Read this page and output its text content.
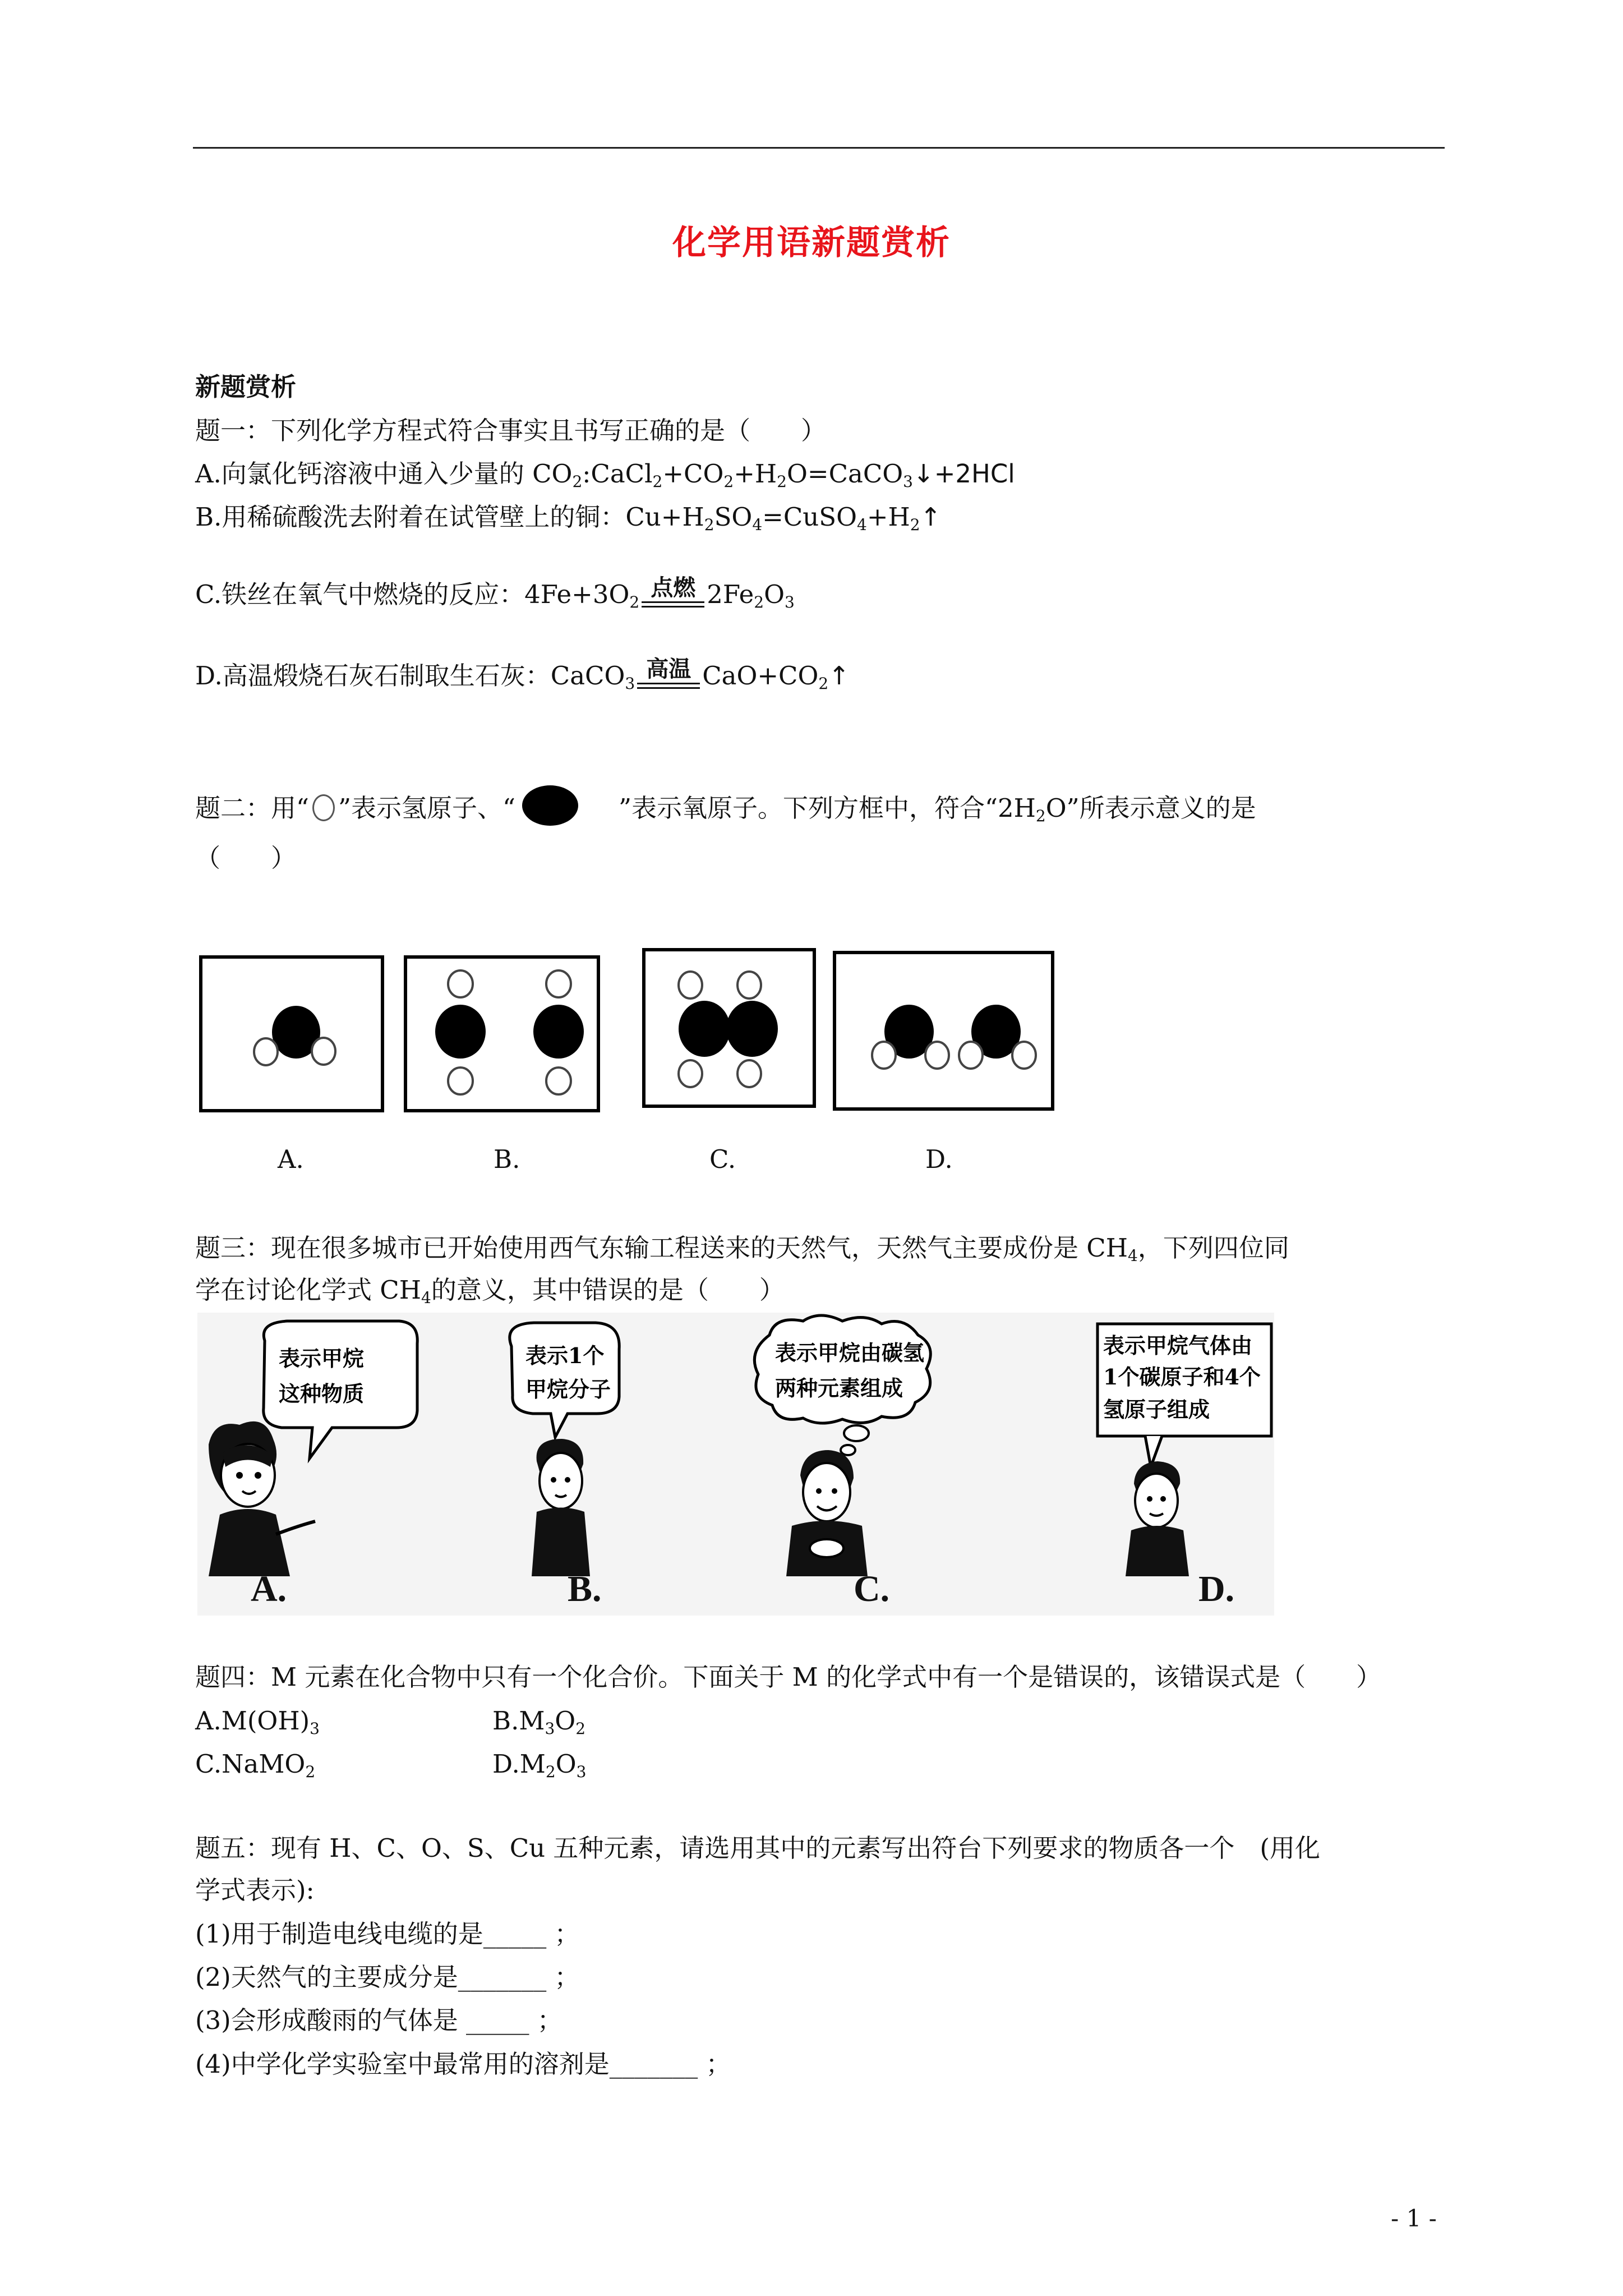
化学用语新题赏析
新题赏析
题一：下列化学方程式符合事实且书写正确的是（　　）
A.向氯化钙溶液中通入少量的 $CO_2:CaCl_2+CO_2+H_2O=CaCO_3↓+2HCl$
B.用稀硫酸洗去附着在试管壁上的铜：$Cu+H_2SO_4=CuSO_4+H_2↑$
C.铁丝在氧气中燃烧的反应：$4Fe+3O_2$
点燃 $2Fe_2O_3$
D.高温煅烧石灰石制取生石灰：CaCO$_3$
高温 $CaO+CO_2↑$
题二：用“ ”表示氢原子、“	”表示氧原子。下列方框中，符合“$2H_2O$”所表示意义的是
（　　）
A.	B.	C.	D.
题三：现在很多城市已开始使用西气东输工程送来的天然气，天然气主要成份是 $CH_4$，下列四位同
学在讨论化学式 $CH_4$的意义，其中错误的是（　　）
表示甲烷
这种物质
表示1个
甲烷分子
表示甲烷由碳氢
两种元素组成
表示甲烷气体由
1个碳原子和4个
氢原子组成
A.	B.	C.	D.
题四：M 元素在化合物中只有一个化合价。下面关于 M 的化学式中有一个是错误的，该错误式是（　　）
$A.M(OH)_3$	$B.M_3O_2$
C.NaMO$_2$	$D.M_2O_3$
题五：现有 H、C、O、S、Cu 五种元素，请选用其中的元素写出符台下列要求的物质各一个　(用化
学式表示):
(1)用于制造电线电缆的是_____ ；
(2)天然气的主要成分是_______ ；
(3)会形成酸雨的气体是 _____ ；
(4)中学化学实验室中最常用的溶剂是_______ ；
- 1 -
